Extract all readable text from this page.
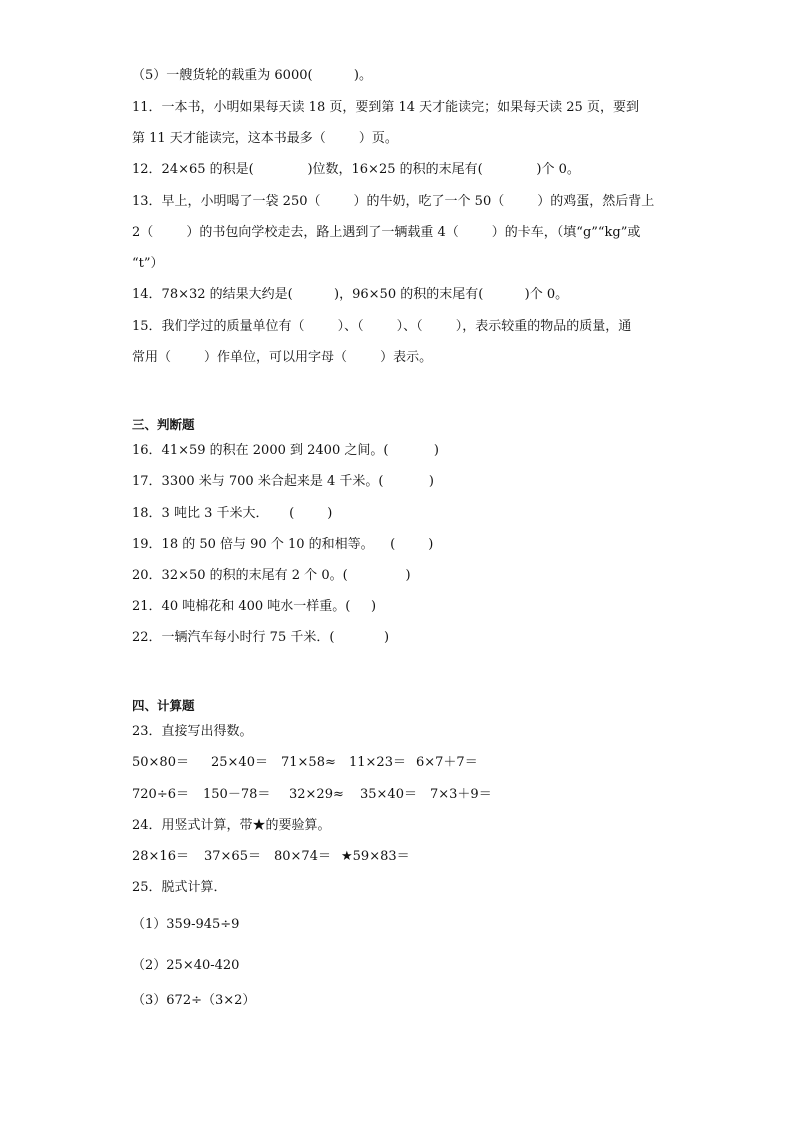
（5）一艘货轮的载重为 6000(          )。
11．一本书，小明如果每天读 18 页，要到第 14 天才能读完；如果每天读 25 页，要到
第 11 天才能读完，这本书最多（        ）页。
12．24×65 的积是(             )位数，16×25 的积的末尾有(             )个 0。
13．早上，小明喝了一袋 250（        ）的牛奶，吃了一个 50（        ）的鸡蛋，然后背上
2（        ）的书包向学校走去，路上遇到了一辆载重 4（        ）的卡车，（填“g”“kg”或
“t”）
14．78×32 的结果大约是(          )，96×50 的积的末尾有(          )个 0。
15．我们学过的质量单位有（        ）、（        ）、（        ），表示较重的物品的质量，通
常用（        ）作单位，可以用字母（        ）表示。
三、判断题
16．41×59 的积在 2000 到 2400 之间。(           )
17．3300 米与 700 米合起来是 4 千米。(           )
18．3 吨比 3 千米大．     (        )
19．18 的 50 倍与 90 个 10 的和相等。    (        )
20．32×50 的积的末尾有 2 个 0。(              )
21．40 吨棉花和 400 吨水一样重。(     )
22．一辆汽车每小时行 75 千米．(            )
四、计算题
23．直接写出得数。

50×80＝

25×40＝

71×58≈

11×23＝

6×7＋7＝

720÷6＝

150－78＝

32×29≈

35×40＝

7×3＋9＝

24．用竖式计算，带★的要验算。

28×16＝

37×65＝

80×74＝

★59×83＝

25．脱式计算．
（1）359-945÷9
（2）25×40-420
（3）672÷（3×2）
